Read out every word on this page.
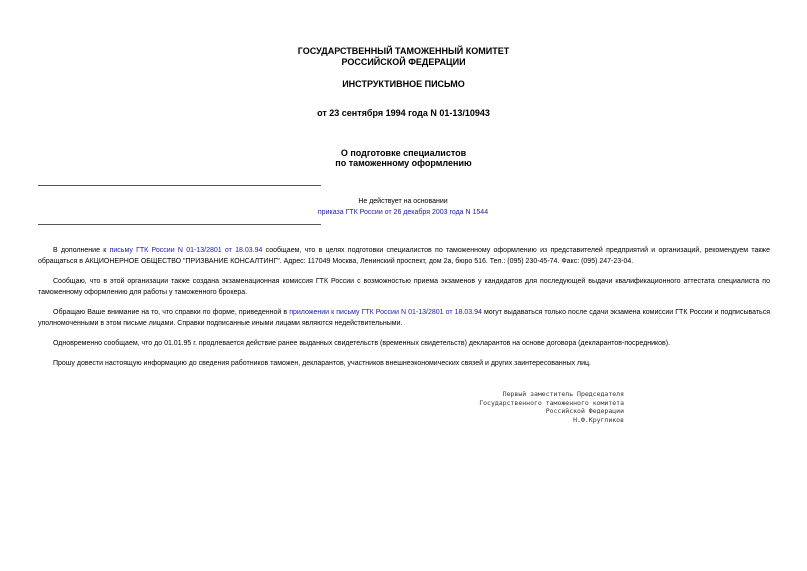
ГОСУДАРСТВЕННЫЙ ТАМОЖЕННЫЙ КОМИТЕТ
РОССИЙСКОЙ ФЕДЕРАЦИИ
ИНСТРУКТИВНОЕ ПИСЬМО
от 23 сентября 1994 года N 01-13/10943
О подготовке специалистов
по таможенному оформлению
Не действует на основании
приказа ГТК России от 26 декабря 2003 года N 1544
В дополнение к письму ГТК России N 01-13/2801 от 18.03.94 сообщаем, что в целях подготовки специалистов по таможенному оформлению из представителей предприятий и организаций, рекомендуем также обращаться в АКЦИОНЕРНОЕ ОБЩЕСТВО "ПРИЗВАНИЕ КОНСАЛТИНГ". Адрес: 117049 Москва, Ленинский проспект, дом 2а, бюро 516. Тел.: (095) 230-45-74. Факс: (095) 247-23-04.
Сообщаю, что в этой организации также создана экзаменационная комиссия ГТК России с возможностью приема экзаменов у кандидатов для последующей выдачи квалификационного аттестата специалиста по таможенному оформлению для работы у таможенного брокера.
Обращаю Ваше внимание на то, что справки по форме, приведенной в приложении к письму ГТК России N 01-13/2801 от 18.03.94 могут выдаваться только после сдачи экзамена комиссии ГТК России и подписываться уполномоченными в этом письме лицами. Справки подписанные иными лицами являются недействительными.
Одновременно сообщаем, что до 01.01.95 г. продлевается действие ранее выданных свидетельств (временных свидетельств) декларантов на основе договора (декларантов-посредников).
Прошу довести настоящую информацию до сведения работников таможен, декларантов, участников внешнеэкономических связей и других заинтересованных лиц.
Первый заместитель Председателя
Государственного таможенного комитета
Российской Федерации
Н.Ф.Кругликов
